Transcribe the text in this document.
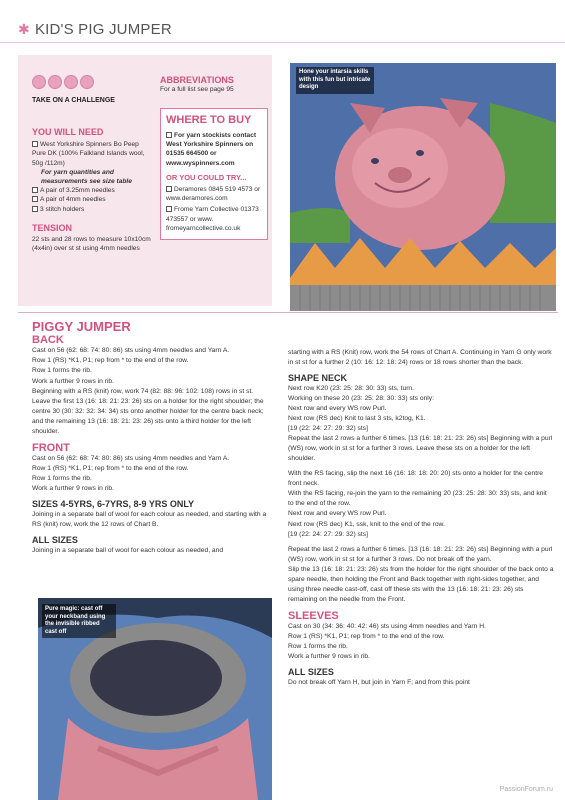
✱ KID'S PIG JUMPER
TAKE ON A CHALLENGE
YOU WILL NEED
West Yorkshire Spinners Bo Peep Pure DK (100% Falkland Islands wool, 50g /112m)
For yarn quantities and measurements see size table
A pair of 3.25mm needles
A pair of 4mm needles
3 stitch holders
TENSION
22 sts and 28 rows to measure 10x10cm (4x4in) over st st using 4mm needles
ABBREVIATIONS
For a full list see page 95
WHERE TO BUY
For yarn stockists contact West Yorkshire Spinners on 01535 664500 or www.wyspinners.com
OR YOU COULD TRY...
Deramores 0845 519 4573 or www.deramores.com
Frome Yarn Collective 01373 473557 or www. fromeyarncollective.co.uk
Hone your intarsia skills with this fun but intricate design
PIGGY JUMPER
BACK

Cast on 56 (62: 68: 74: 80: 86) sts using 4mm needles and Yarn A.

Row 1 (RS) *K1, P1; rep from * to the end of the row.

Row 1 forms the rib.

Work a further 9 rows in rib.

Beginning with a RS (knit) row, work 74 (82: 88: 96: 102: 108) rows in st st.

Leave the first 13 (16: 18: 21: 23: 26) sts on a holder for the right shoulder; the centre 30 (30: 32: 32: 34: 34) sts onto another holder for the centre back neck; and the remaining 13 (16: 18: 21: 23: 26) sts onto a third holder for the left shoulder.

FRONT

Cast on 56 (62: 68: 74: 80: 86) sts using 4mm needles and Yarn A.

Row 1 (RS) *K1, P1; rep from * to the end of the row.

Row 1 forms the rib.

Work a further 9 rows in rib.

SIZES 4-5YRS, 6-7YRS, 8-9 YRS ONLY

Joining in a separate ball of wool for each colour as needed, and starting with a RS (knit) row, work the 12 rows of Chart B.

ALL SIZES

Joining in a separate ball of wool for each colour as needed, and

Pure magic: cast off your neckband using the invisible ribbed cast off

starting with a RS (Knit) row, work the 54 rows of Chart A. Continuing in Yarn G only work in st st for a further 2 (10: 16: 12: 18: 24) rows or 18 rows shorter than the back.

SHAPE NECK

Next row K20 (23: 25: 28: 30: 33) sts, turn.

Working on these 20 (23: 25: 28: 30: 33) sts only:

Next row and every WS row Purl.

Next row (RS dec) Knit to last 3 sts, k2tog, K1.

[19 (22: 24: 27: 29: 32) sts]

Repeat the last 2 rows a further 6 times. [13 (16: 18: 21: 23: 26) sts] Beginning with a purl (WS) row, work in st st for a further 3 rows. Leave these sts on a holder for the left shoulder.

With the RS facing, slip the next 16 (16: 18: 18: 20: 20) sts onto a holder for the centre front neck.

With the RS facing, re-join the yarn to the remaining 20 (23: 25: 28: 30: 33) sts, and knit to the end of the row.

Next row and every WS row Purl.

Next row (RS dec) K1, ssk, knit to the end of the row.

[19 (22: 24: 27: 29: 32) sts]

Repeat the last 2 rows a further 6 times. [13 (16: 18: 21: 23: 26) sts] Beginning with a purl (WS) row, work in st st for a further 3 rows. Do not break off the yarn.

Slip the 13 (16: 18: 21: 23: 26) sts from the holder for the right shoulder of the back onto a spare needle, then holding the Front and Back together with right-sides together, and using three needle cast-off, cast off these sts with the 13 (16: 18: 21: 23: 26) sts remaining on the needle from the Front.

SLEEVES

Cast on 30 (34: 36: 40: 42: 46) sts using 4mm needles and Yarn H.

Row 1 (RS) *K1, P1; rep from * to the end of the row.

Row 1 forms the rib.

Work a further 9 rows in rib.

ALL SIZES

Do not break off Yarn H, but join in Yarn F; and from this point

PassionForum.ru
